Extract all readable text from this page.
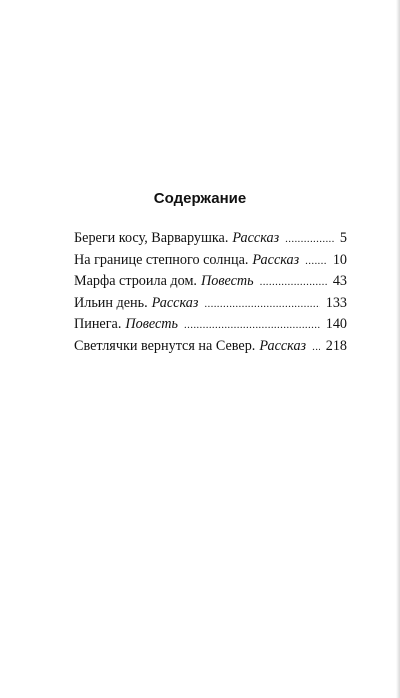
Содержание
Береги косу, Варварушка. Рассказ . . .	5
На границе степного солнца. Рассказ . . . 10
Марфа строила дом. Повесть . . .	43
Ильин день. Рассказ . . .	133
Пинега. Повесть . . .	140
Светлячки вернутся на Север. Рассказ . . . 218
